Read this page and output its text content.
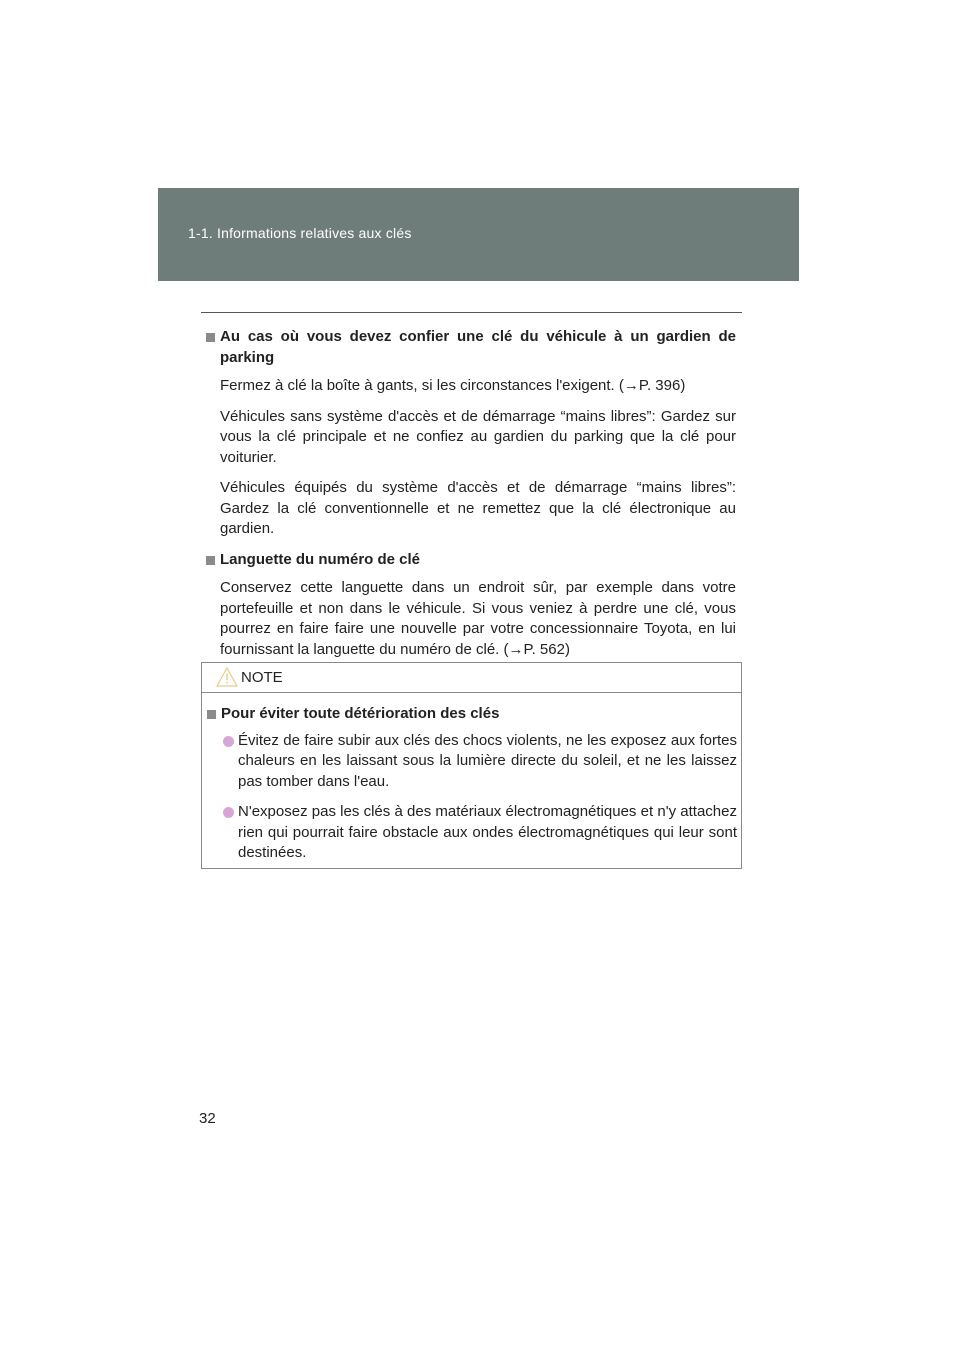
1-1. Informations relatives aux clés
Au cas où vous devez confier une clé du véhicule à un gardien de parking

Fermez à clé la boîte à gants, si les circonstances l'exigent. (→P. 396)

Véhicules sans système d'accès et de démarrage “mains libres”: Gardez sur vous la clé principale et ne confiez au gardien du parking que la clé pour voiturier.

Véhicules équipés du système d'accès et de démarrage “mains libres”: Gardez la clé conventionnelle et ne remettez que la clé électronique au gardien.

Languette du numéro de clé

Conservez cette languette dans un endroit sûr, par exemple dans votre portefeuille et non dans le véhicule. Si vous veniez à perdre une clé, vous pourrez en faire faire une nouvelle par votre concessionnaire Toyota, en lui fournissant la languette du numéro de clé. (→P. 562)

NOTE
Pour éviter toute détérioration des clés
Évitez de faire subir aux clés des chocs violents, ne les exposez aux fortes chaleurs en les laissant sous la lumière directe du soleil, et ne les laissez pas tomber dans l'eau.
N'exposez pas les clés à des matériaux électromagnétiques et n'y attachez rien qui pourrait faire obstacle aux ondes électromagnétiques qui leur sont destinées.
32
